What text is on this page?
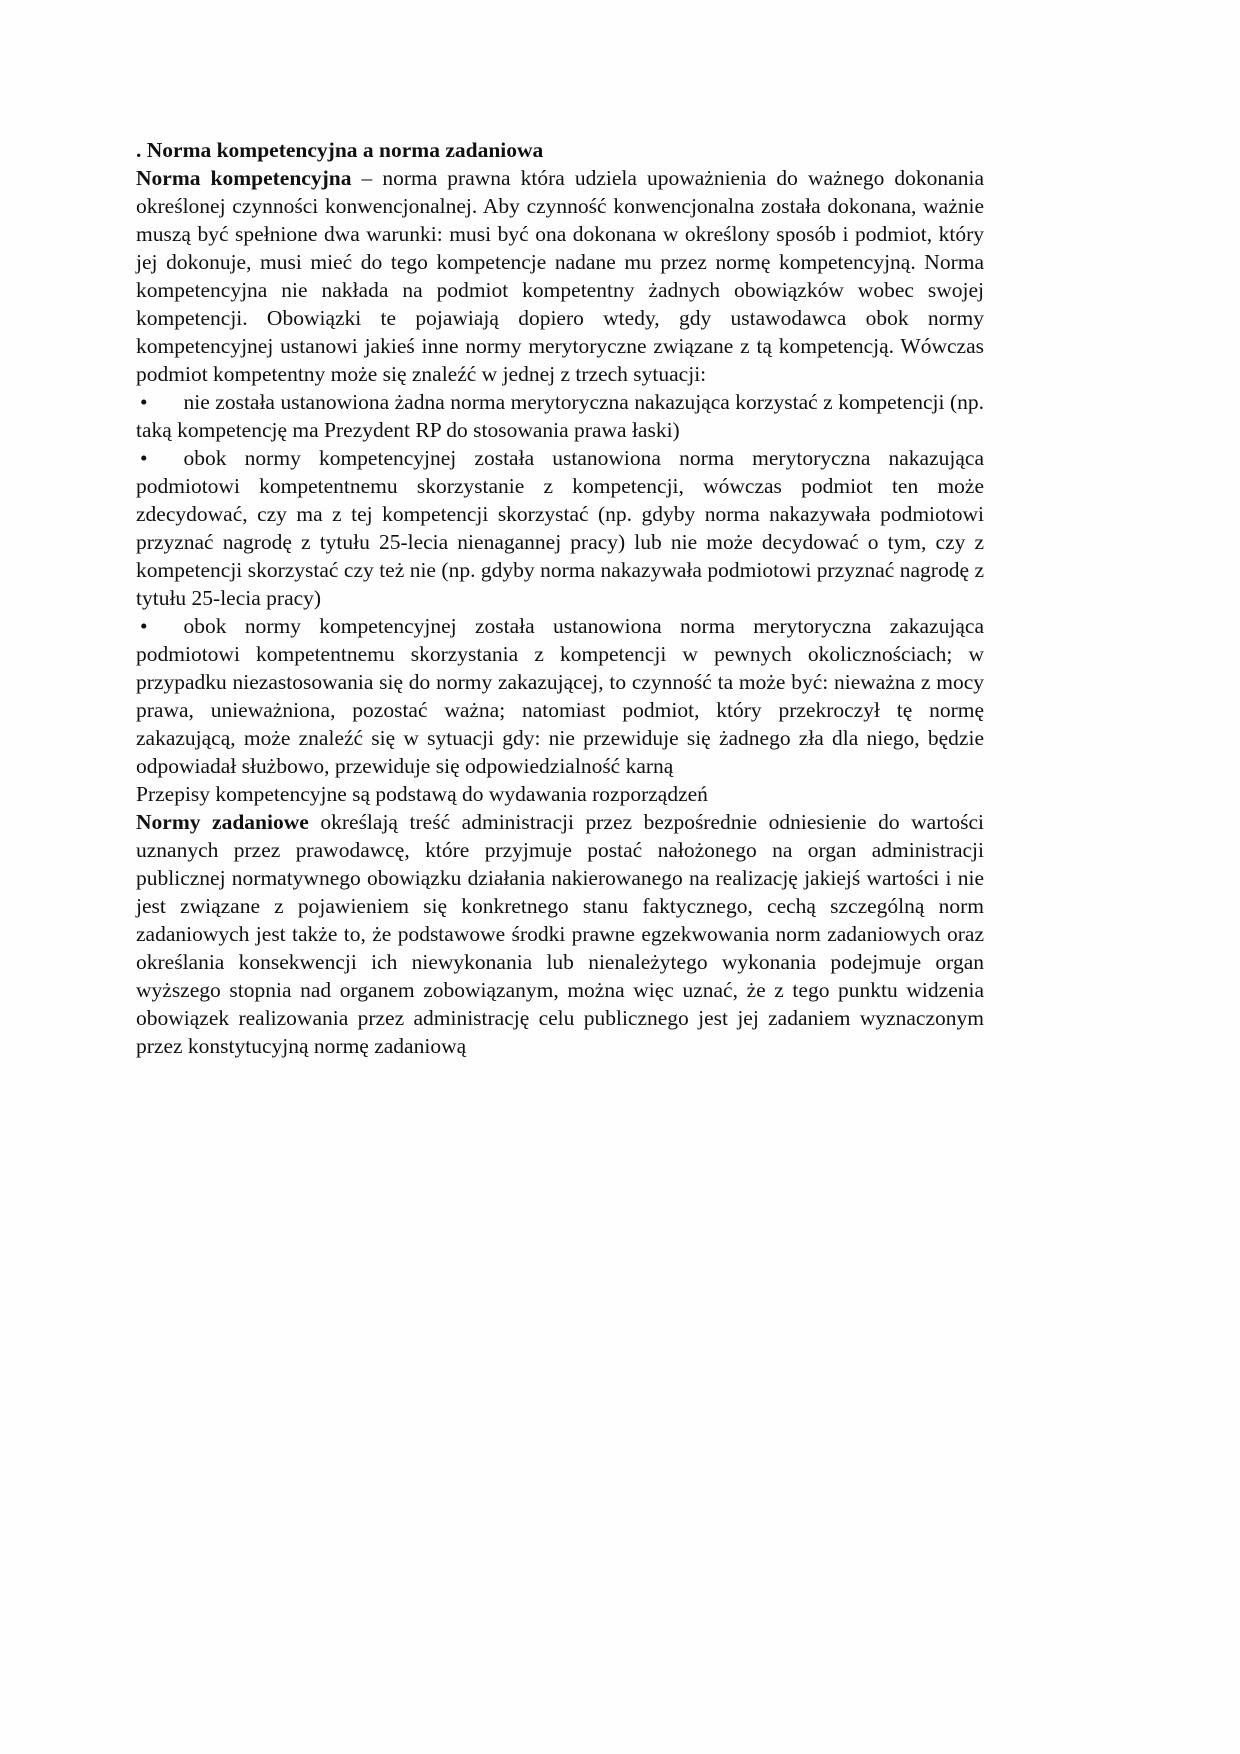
. Norma kompetencyjna a norma zadaniowa

Norma kompetencyjna – norma prawna która udziela upoważnienia do ważnego dokonania określonej czynności konwencjonalnej. Aby czynność konwencjonalna została dokonana, ważnie muszą być spełnione dwa warunki: musi być ona dokonana w określony sposób i podmiot, który jej dokonuje, musi mieć do tego kompetencje nadane mu przez normę kompetencyjną. Norma kompetencyjna nie nakłada na podmiot kompetentny żadnych obowiązków wobec swojej kompetencji. Obowiązki te pojawiają dopiero wtedy, gdy ustawodawca obok normy kompetencyjnej ustanowi jakieś inne normy merytoryczne związane z tą kompetencją. Wówczas podmiot kompetentny może się znaleźć w jednej z trzech sytuacji:

• nie została ustanowiona żadna norma merytoryczna nakazująca korzystać z kompetencji (np. taką kompetencję ma Prezydent RP do stosowania prawa łaski)

• obok normy kompetencyjnej została ustanowiona norma merytoryczna nakazująca podmiotowi kompetentnemu skorzystanie z kompetencji, wówczas podmiot ten może zdecydować, czy ma z tej kompetencji skorzystać (np. gdyby norma nakazywała podmiotowi przyznać nagrodę z tytułu 25-lecia nienagannej pracy) lub nie może decydować o tym, czy z kompetencji skorzystać czy też nie (np. gdyby norma nakazywała podmiotowi przyznać nagrodę z tytułu 25-lecia pracy)

• obok normy kompetencyjnej została ustanowiona norma merytoryczna zakazująca podmiotowi kompetentnemu skorzystania z kompetencji w pewnych okolicznościach; w przypadku niezastosowania się do normy zakazującej, to czynność ta może być: nieważna z mocy prawa, unieważniona, pozostać ważna; natomiast podmiot, który przekroczył tę normę zakazującą, może znaleźć się w sytuacji gdy: nie przewiduje się żadnego zła dla niego, będzie odpowiadał służbowo, przewiduje się odpowiedzialność karną

Przepisy kompetencyjne są podstawą do wydawania rozporządzeń

Normy zadaniowe określają treść administracji przez bezpośrednie odniesienie do wartości uznanych przez prawodawcę, które przyjmuje postać nałożonego na organ administracji publicznej normatywnego obowiązku działania nakierowanego na realizację jakiejś wartości i nie jest związane z pojawieniem się konkretnego stanu faktycznego, cechą szczególną norm zadaniowych jest także to, że podstawowe środki prawne egzekwowania norm zadaniowych oraz określania konsekwencji ich niewykonania lub nienależytego wykonania podejmuje organ wyższego stopnia nad organem zobowiązanym, można więc uznać, że z tego punktu widzenia obowiązek realizowania przez administrację celu publicznego jest jej zadaniem wyznaczonym przez konstytucyjną normę zadaniową
